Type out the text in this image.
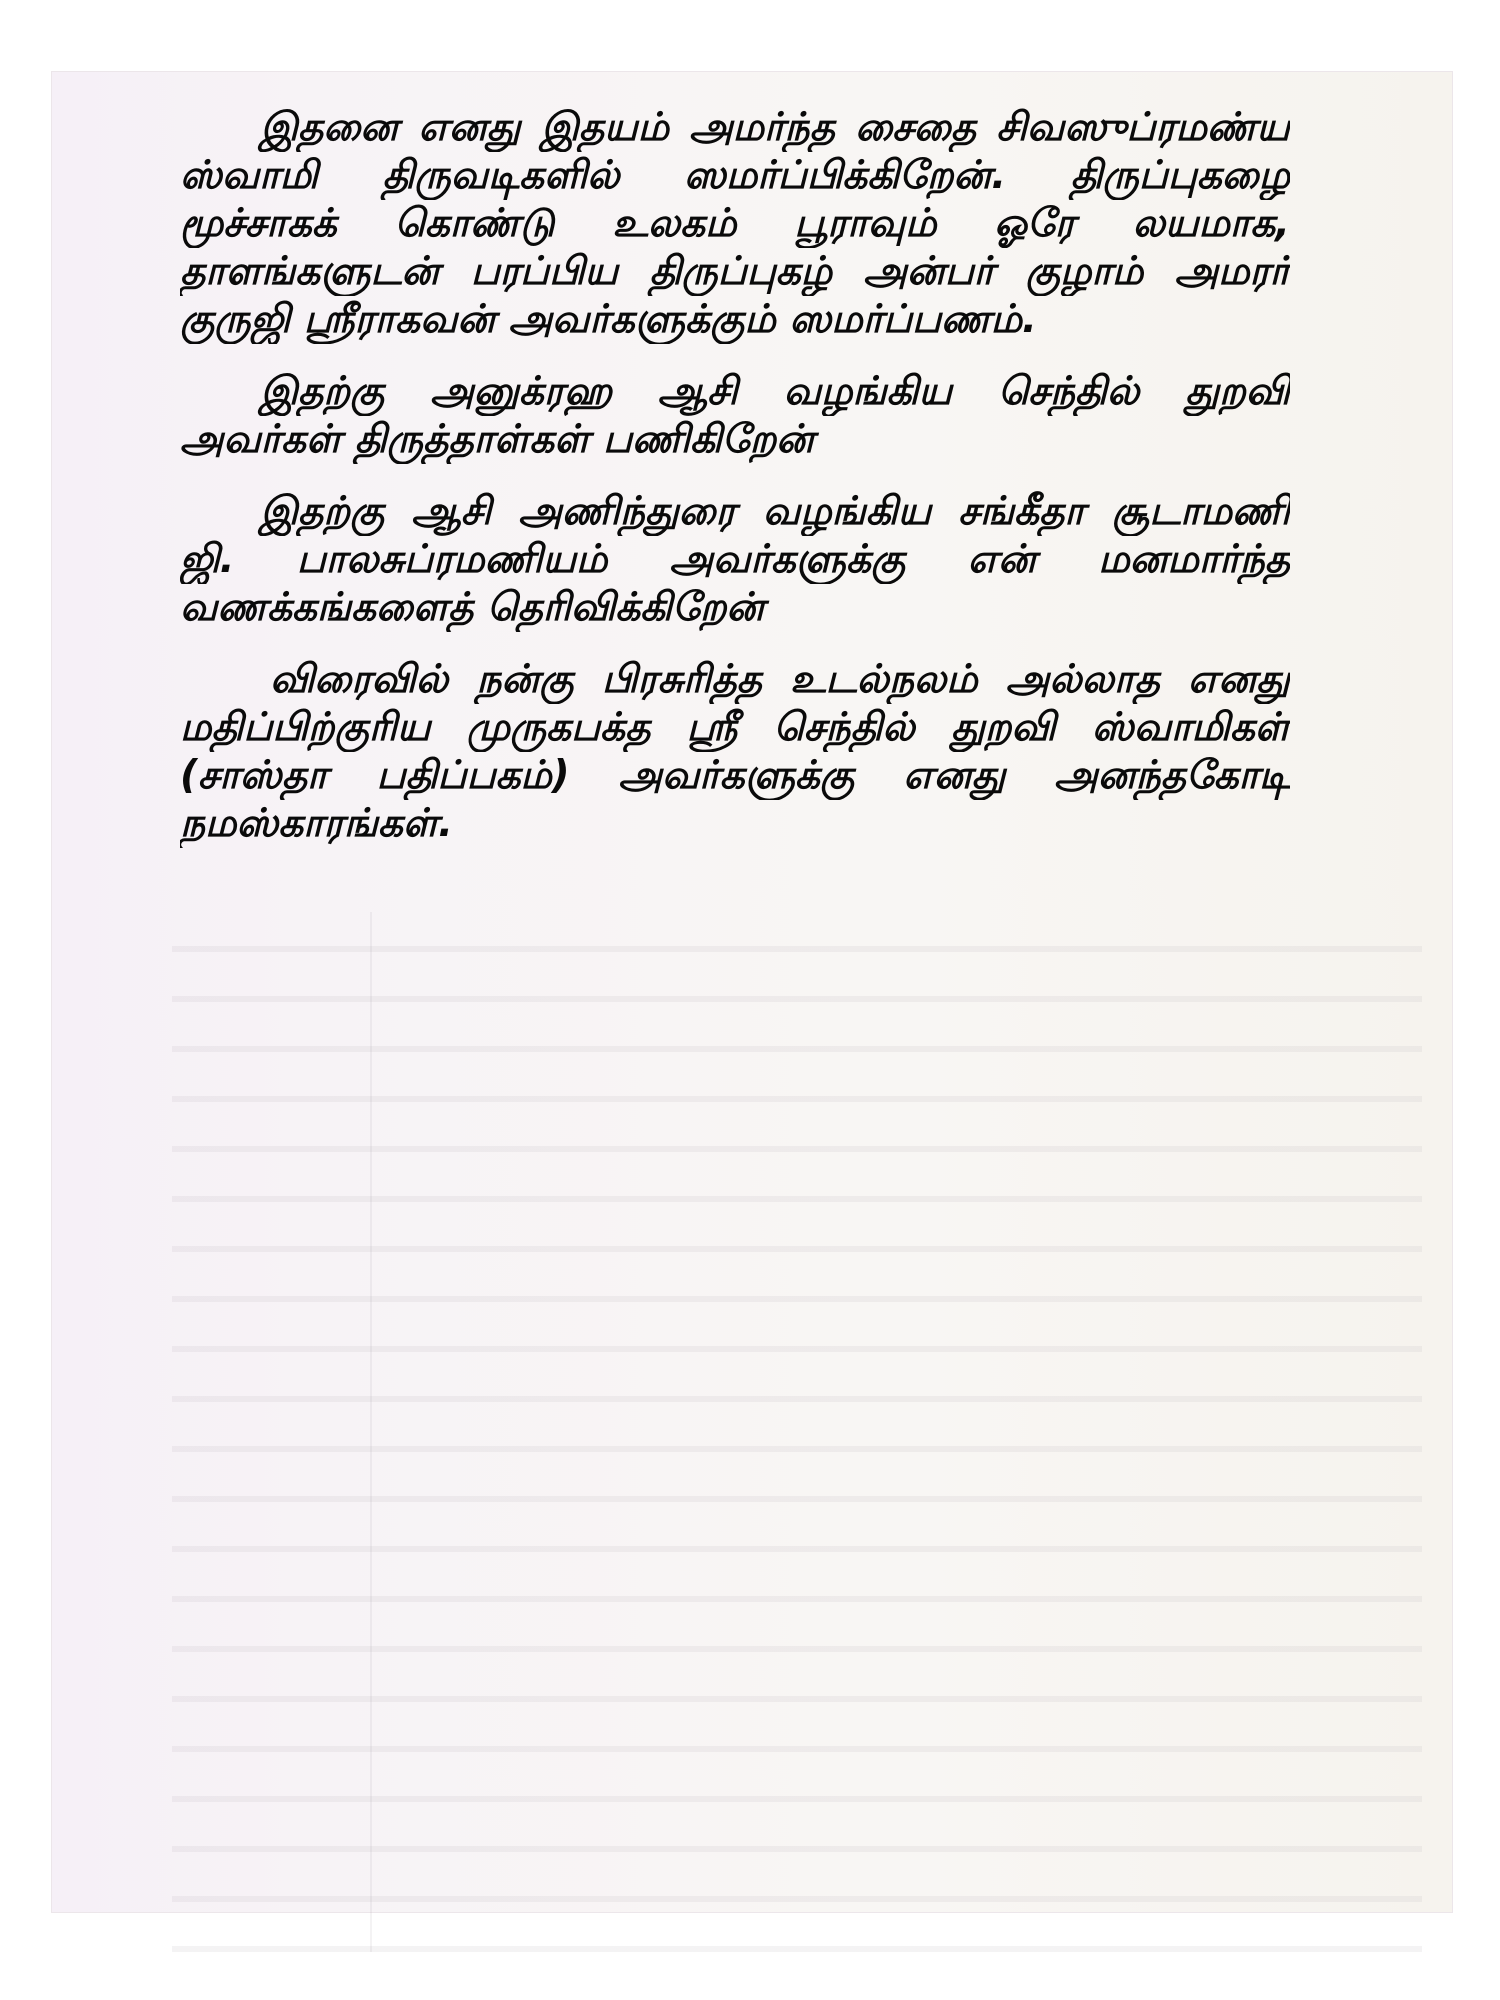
இதனை எனது இதயம் அமர்ந்த சைதை சிவஸுப்ரமண்ய
ஸ்வாமி திருவடிகளில் ஸமர்ப்பிக்கிறேன். திருப்புகழை
மூச்சாகக் கொண்டு உலகம் பூராவும் ஓரே லயமாக,
தாளங்களுடன் பரப்பிய திருப்புகழ் அன்பர் குழாம் அமரர்
குருஜி ஸ்ரீராகவன் அவர்களுக்கும் ஸமர்ப்பணம்.

இதற்கு அனுக்ரஹ ஆசி வழங்கிய செந்தில் துறவி
அவர்கள் திருத்தாள்கள் பணிகிறேன்

இதற்கு ஆசி அணிந்துரை வழங்கிய சங்கீதா சூடாமணி
ஜி. பாலசுப்ரமணியம் அவர்களுக்கு என் மனமார்ந்த
வணக்கங்களைத் தெரிவிக்கிறேன்

விரைவில் நன்கு பிரசுரித்த உடல்நலம் அல்லாத எனது
மதிப்பிற்குரிய முருகபக்த ஸ்ரீ செந்தில் துறவி ஸ்வாமிகள்
(சாஸ்தா பதிப்பகம்) அவர்களுக்கு எனது அனந்தகோடி
நமஸ்காரங்கள்.
